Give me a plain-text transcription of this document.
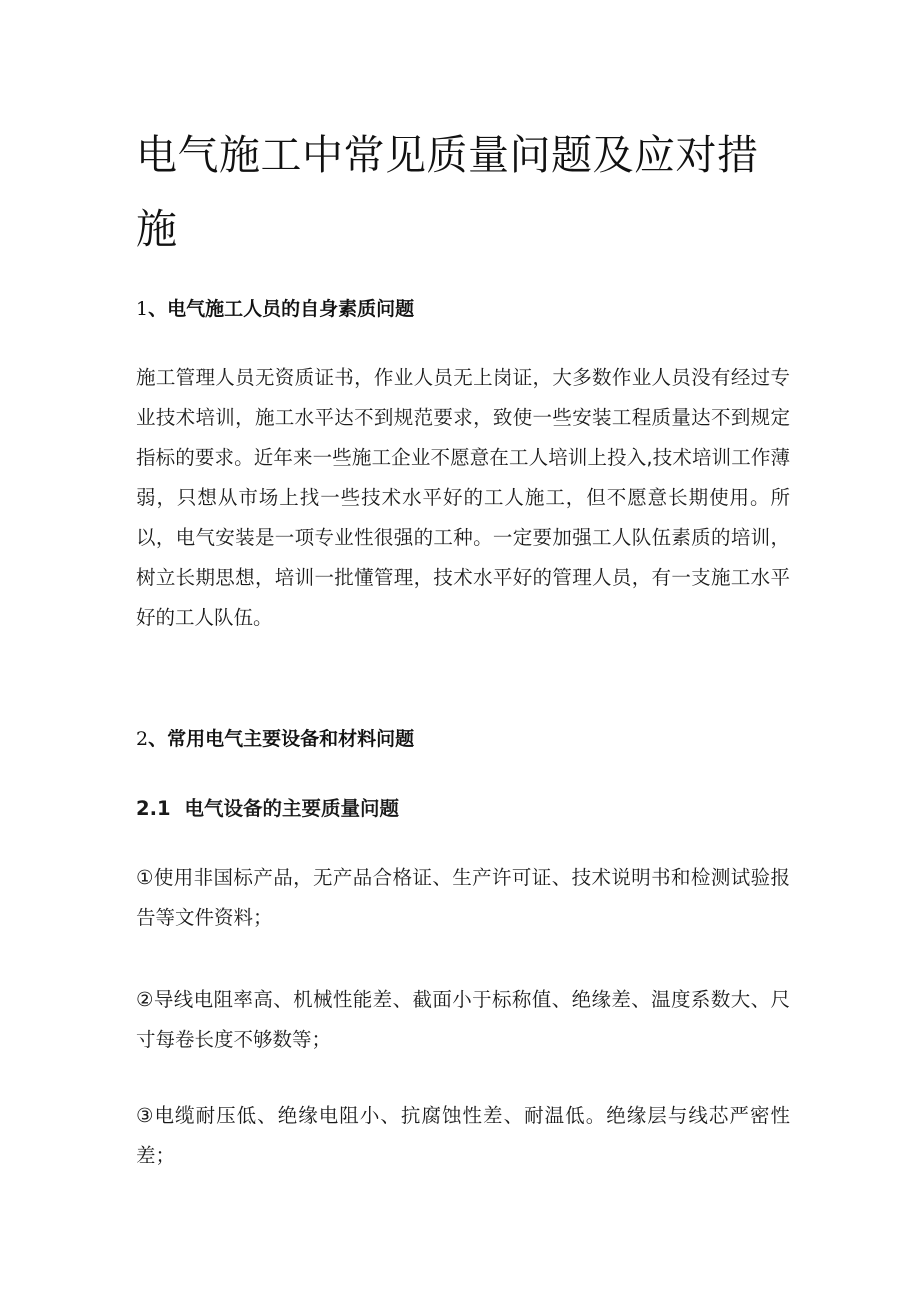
电气施工中常见质量问题及应对措施
1、电气施工人员的自身素质问题

施工管理人员无资质证书，作业人员无上岗证，大多数作业人员没有经过专业技术培训，施工水平达不到规范要求，致使一些安装工程质量达不到规定指标的要求。近年来一些施工企业不愿意在工人培训上投入,技术培训工作薄弱，只想从市场上找一些技术水平好的工人施工，但不愿意长期使用。所以，电气安装是一项专业性很强的工种。一定要加强工人队伍素质的培训，树立长期思想，培训一批懂管理，技术水平好的管理人员，有一支施工水平好的工人队伍。

2、常用电气主要设备和材料问题
2.1 电气设备的主要质量问题

①使用非国标产品，无产品合格证、生产许可证、技术说明书和检测试验报告等文件资料；

②导线电阻率高、机械性能差、截面小于标称值、绝缘差、温度系数大、尺寸每卷长度不够数等；

③电缆耐压低、绝缘电阻小、抗腐蚀性差、耐温低。绝缘层与线芯严密性差；
